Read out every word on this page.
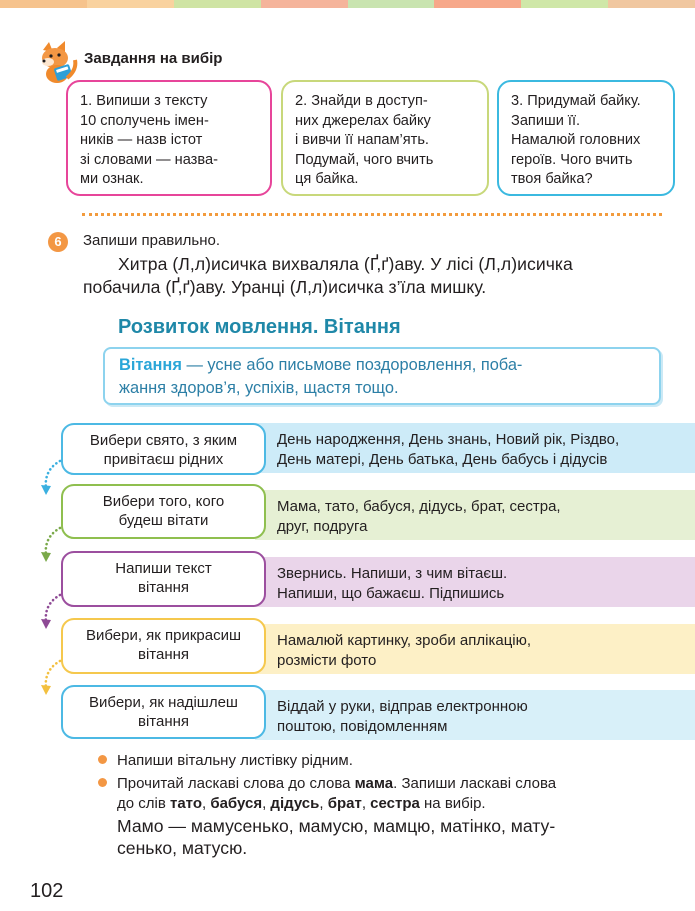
Завдання на вибір
1. Випиши з тексту
10 сполучень імен-
ників — назв істот
зі словами — назва-
ми ознак.
2. Знайди в доступ-
них джерелах байку
і вивчи її напам’ять.
Подумай, чого вчить
ця байка.
3. Придумай байку.
Запиши її.
Намалюй головних
героїв. Чого вчить
твоя байка?
6	Запиши правильно.
Хитра (Л,л)исичка вихваляла (Ґ,ґ)аву. У лісі (Л,л)исичка
побачила (Ґ,ґ)аву. Уранці (Л,л)исичка з’їла мишку.
Розвиток мовлення. Вітання
Вітання — усне або письмове поздоровлення, поба-
жання здоров’я, успіхів, щастя тощо.
День народження, День знань, Новий рік, Різдво,
День матері, День батька, День бабусь і дідусів
Вибери свято, з яким
привітаєш рідних
Мама, тато, бабуся, дідусь, брат, сестра,
друг, подруга
Вибери того, кого
будеш вітати
Звернись. Напиши, з чим вітаєш.
Напиши, що бажаєш. Підпишись
Напиши текст
вітання
Намалюй картинку, зроби аплікацію,
розмісти фото
Вибери, як прикрасиш
вітання
Віддай у руки, відправ електронною
поштою, повідомленням
Вибери, як надішлеш
вітання
Напиши вітальну листівку рідним.
Прочитай лаcкаві слова до слова мама. Запиши лаcкаві слова
до слів тато, бабуся, дідусь, брат, сестра на вибір.
Мамо — мамусенько, мамусю, мамцю, матінко, мату-
сенько, матусю.
102
